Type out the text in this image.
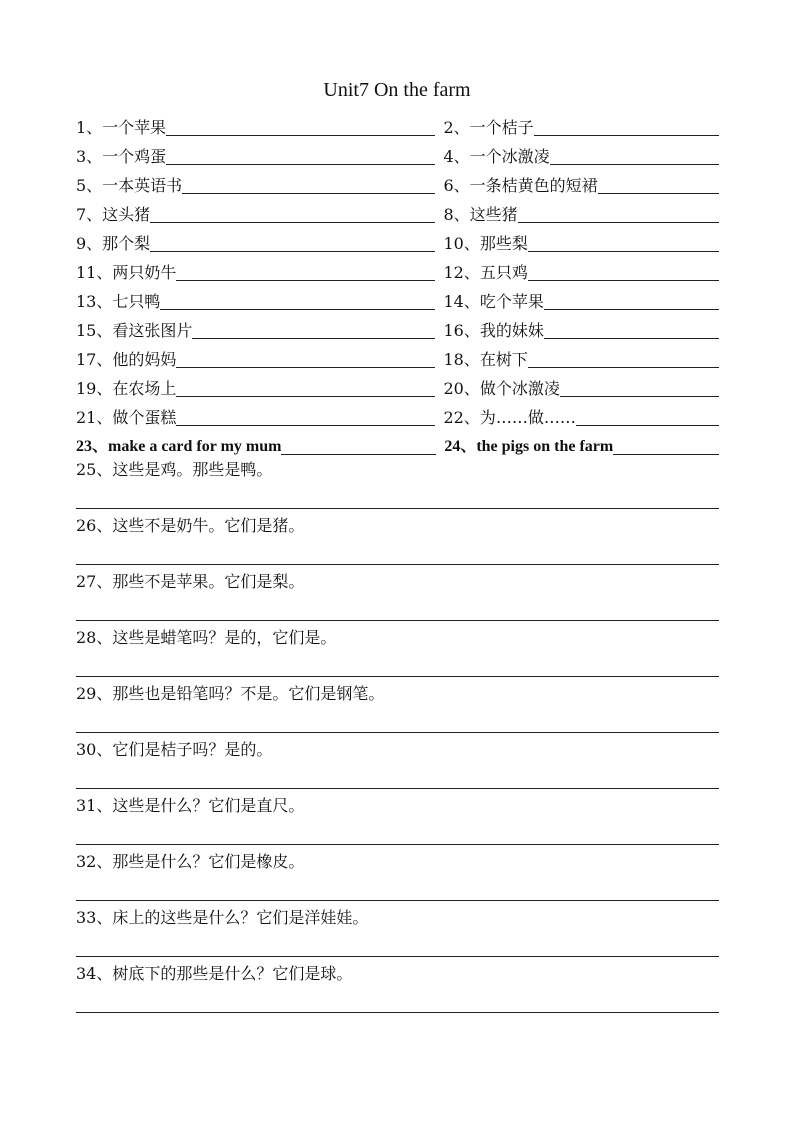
Unit7 On the farm
1、一个苹果	2、一个桔子
3、一个鸡蛋	4、一个冰激凌
5、一本英语书	6、一条桔黄色的短裙
7、这头猪	8、这些猪
9、那个梨	10、那些梨
11、两只奶牛	12、五只鸡
13、七只鸭	14、吃个苹果
15、看这张图片	16、我的妹妹
17、他的妈妈	18、在树下
19、在农场上	20、做个冰激凌
21、做个蛋糕	22、为……做……
23、make a card for my mum	24、the pigs on the farm
25、这些是鸡。那些是鸭。
26、这些不是奶牛。它们是猪。
27、那些不是苹果。它们是梨。
28、这些是蜡笔吗？是的，它们是。
29、那些也是铅笔吗？不是。它们是钢笔。
30、它们是桔子吗？是的。
31、这些是什么？它们是直尺。
32、那些是什么？它们是橡皮。
33、床上的这些是什么？它们是洋娃娃。
34、树底下的那些是什么？它们是球。
